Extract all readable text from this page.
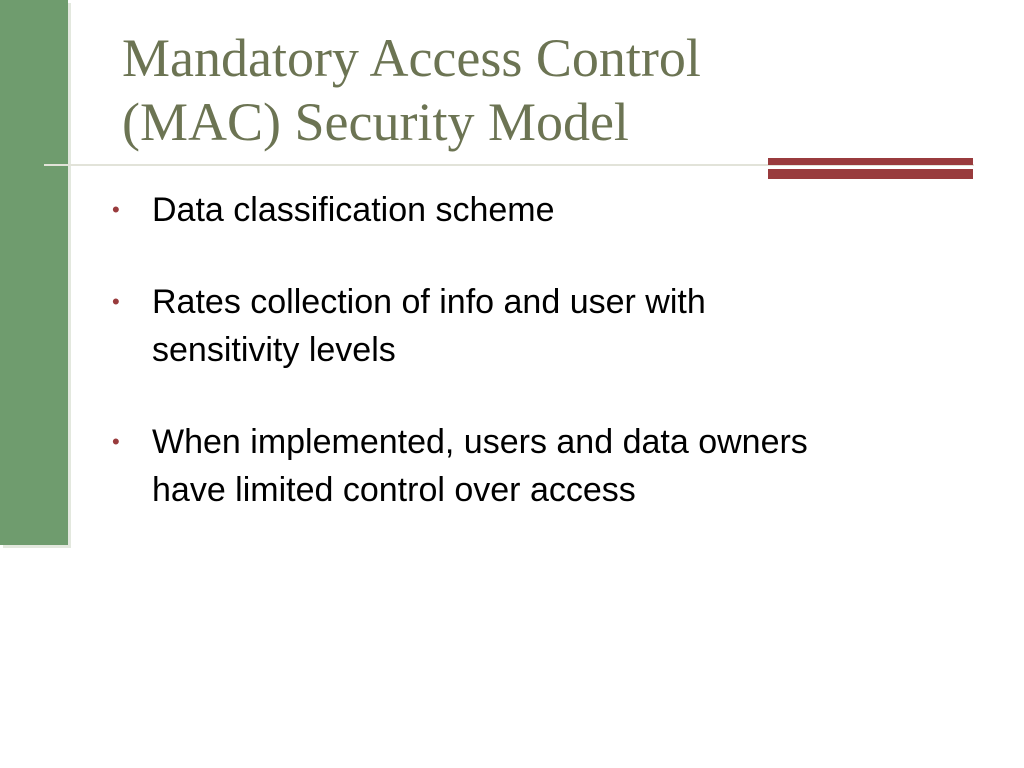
Mandatory Access Control
(MAC) Security Model
• Data classification scheme
• Rates collection of info and user with
sensitivity levels
• When implemented, users and data owners
have limited control over access
